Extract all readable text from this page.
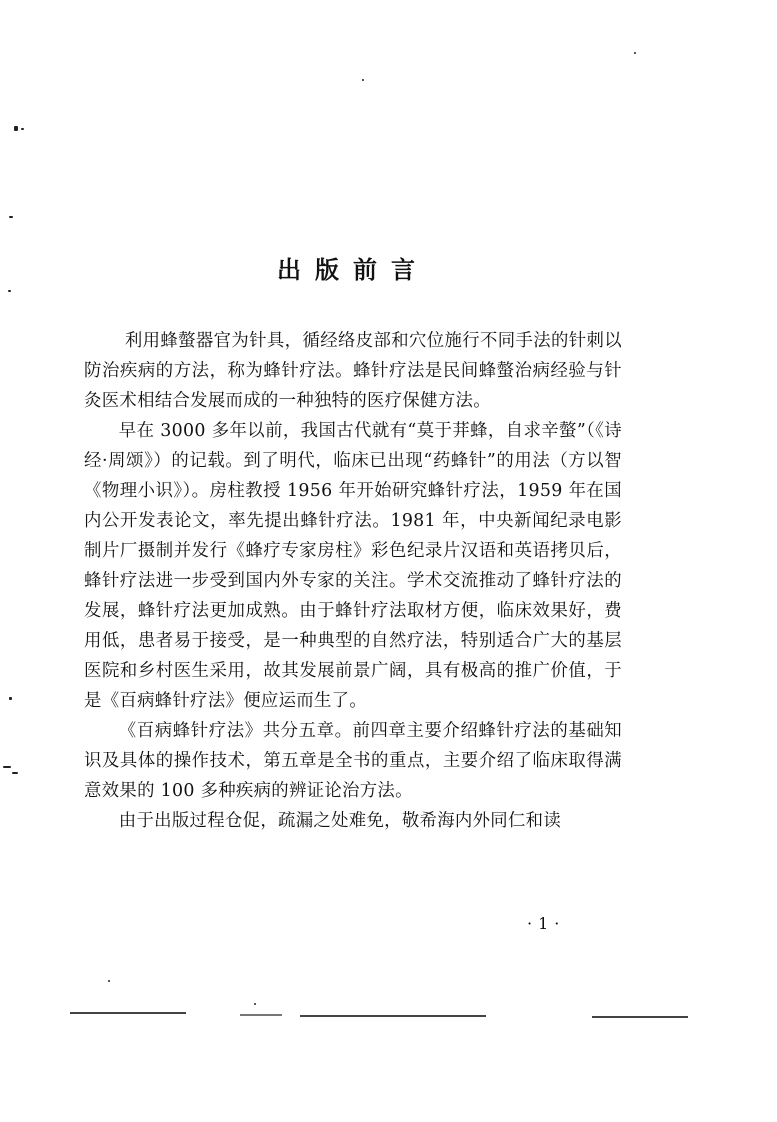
出版前言

利用蜂螫器官为针具，循经络皮部和穴位施行不同手法的针刺以防治疾病的方法，称为蜂针疗法。蜂针疗法是民间蜂螫治病经验与针灸医术相结合发展而成的一种独特的医疗保健方法。

早在 3000 多年以前，我国古代就有“莫于荓蜂，自求辛螫”（《诗经·周颂》）的记载。到了明代，临床已出现“药蜂针”的用法（方以智《物理小识》）。房柱教授 1956 年开始研究蜂针疗法，1959 年在国内公开发表论文，率先提出蜂针疗法。1981 年，中央新闻纪录电影制片厂摄制并发行《蜂疗专家房柱》彩色纪录片汉语和英语拷贝后，蜂针疗法进一步受到国内外专家的关注。学术交流推动了蜂针疗法的发展，蜂针疗法更加成熟。由于蜂针疗法取材方便，临床效果好，费用低，患者易于接受，是一种典型的自然疗法，特别适合广大的基层医院和乡村医生采用，故其发展前景广阔，具有极高的推广价值，于是《百病蜂针疗法》便应运而生了。

《百病蜂针疗法》共分五章。前四章主要介绍蜂针疗法的基础知识及具体的操作技术，第五章是全书的重点，主要介绍了临床取得满意效果的 100 多种疾病的辨证论治方法。

由于出版过程仓促，疏漏之处难免，敬希海内外同仁和读

·1·
